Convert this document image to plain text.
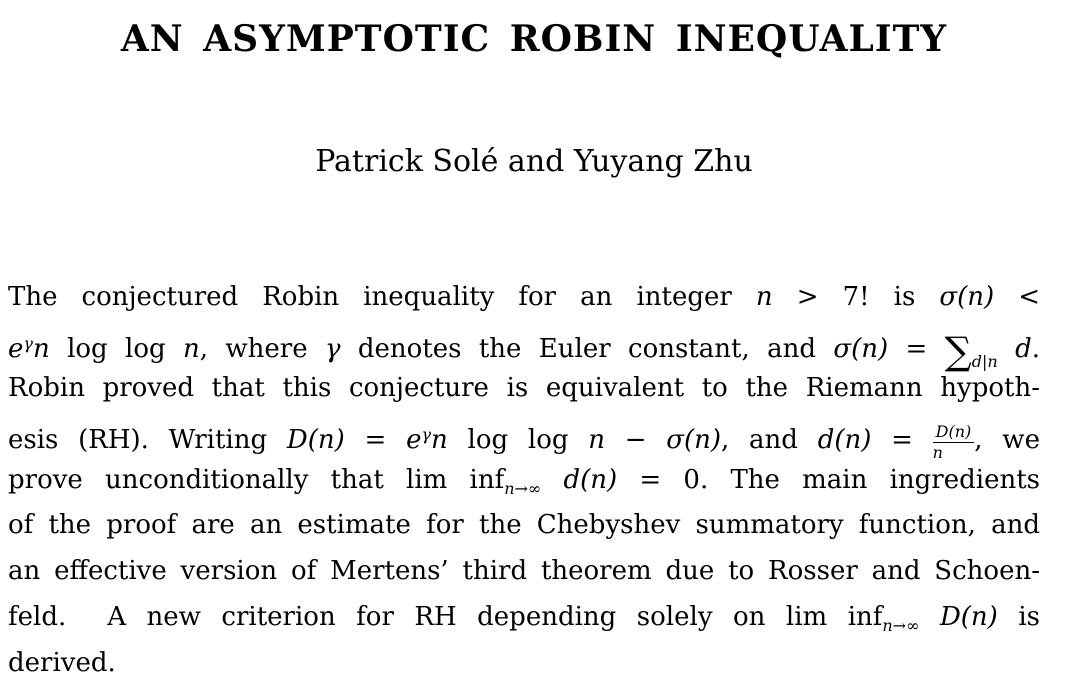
AN ASYMPTOTIC ROBIN INEQUALITY
Patrick Solé and Yuyang Zhu
The conjectured Robin inequality for an integer n > 7! is σ(n) <
$e^\gamma n$ log log n, where γ denotes the Euler constant, and $\sigma(n) = \sum_{d|n}$ d.
Robin proved that this conjecture is equivalent to the Riemann hypoth-
esis (RH). Writing $D(n) = e^\gamma n$ log log n − σ(n), and $d(n) = \frac{D(n)}{n}$ , we
prove unconditionally that lim inf$_{n\to\infty}$ d(n) = 0. The main ingredients
of the proof are an estimate for the Chebyshev summatory function, and
an effective version of Mertens’ third theorem due to Rosser and Schoen-
feld.  A new criterion for RH depending solely on lim inf$_{n\to\infty}$ D(n) is
derived.
